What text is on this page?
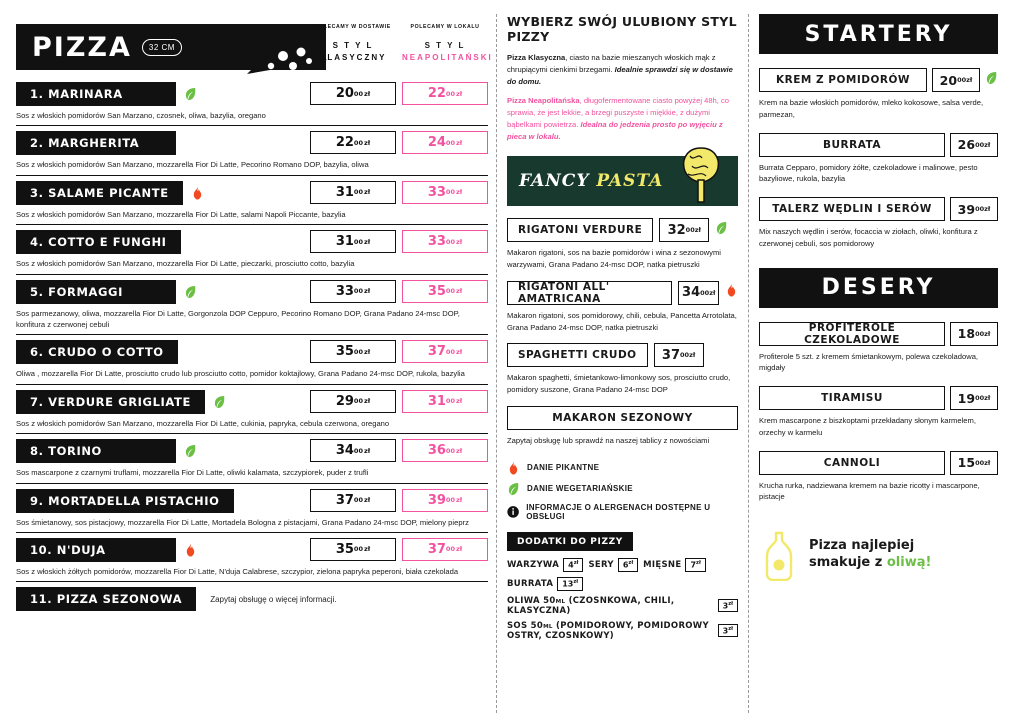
PIZZA	32 CM
POLECAMY W DOSTAWIE
S T Y L
KLASYCZNY
POLECAMY W LOKALU
S T Y L
NEAPOLITAŃSKI
1. MARINARA	20 00 zł	22 00 zł
Sos z włoskich pomidorów San Marzano, czosnek, oliwa, bazylia, oregano
2. MARGHERITA	22 00 zł	24 00 zł
Sos z włoskich pomidorów San Marzano, mozzarella Fior Di Latte, Pecorino Romano DOP, bazylia, oliwa
3. SALAME PICANTE	31 00 zł	33 00 zł
Sos z włoskich pomidorów San Marzano, mozzarella Fior Di Latte, salami Napoli Piccante, bazylia
4. COTTO E FUNGHI	31 00 zł	33 00 zł
Sos z włoskich pomidorów San Marzano, mozzarella Fior Di Latte, pieczarki, prosciutto cotto, bazylia
5. FORMAGGI	33 00 zł	35 00 zł
Sos parmezanowy, oliwa, mozzarella Fior Di Latte, Gorgonzola DOP Ceppuro, Pecorino Romano DOP, Grana Padano 24-msc DOP, konfitura z czerwonej cebuli
6. CRUDO O COTTO	35 00 zł	37 00 zł
Oliwa , mozzarella Fior Di Latte, prosciutto crudo lub prosciutto cotto, pomidor koktajlowy, Grana Padano 24-msc DOP, rukola, bazylia
7. VERDURE GRIGLIATE	29 00 zł	31 00 zł
Sos z włoskich pomidorów San Marzano, mozzarella Fior Di Latte, cukinia, papryka, cebula czerwona, oregano
8. TORINO	34 00 zł	36 00 zł
Sos mascarpone z czarnymi truflami, mozzarella Fior Di Latte, oliwki kalamata, szczypiorek, puder z trufli
9. MORTADELLA PISTACHIO	37 00 zł	39 00 zł
Sos śmietanowy, sos pistacjowy, mozzarella Fior Di Latte, Mortadela Bologna z pistacjami, Grana Padano 24-msc DOP, mielony pieprz
10. N'DUJA	35 00 zł	37 00 zł
Sos z włoskich żółtych pomidorów, mozzarella Fior Di Latte, N'duja Calabrese, szczypior, zielona papryka peperoni, biała czekolada
11. PIZZA SEZONOWA	Zapytaj obsługę o więcej informacji.
WYBIERZ SWÓJ ULUBIONY STYL PIZZY
Pizza Klasyczna, ciasto na bazie mieszanych włoskich mąk z chrupiącymi cienkimi brzegami. Idealnie sprawdzi się w dostawie do domu.
Pizza Neapolitańska, długofermentowane ciasto powyżej 48h, co sprawia, że jest lekkie, a brzegi puszyste i miękkie, z dużymi bąbelkami powietrza. Idealna do jedzenia prosto po wyjęciu z pieca w lokalu.
FANCY PASTA
RIGATONI VERDURE	32 00 zł
Makaron rigatoni, sos na bazie pomidorów i wina z sezonowymi warzywami, Grana Padano 24-msc DOP, natka pietruszki
RIGATONI ALL' AMATRICANA	34 00 zł
Makaron rigatoni, sos pomidorowy, chili, cebula, Pancetta Arrotolata, Grana Padano 24-msc DOP, natka pietruszki
SPAGHETTI CRUDO	37 00 zł
Makaron spaghetti, śmietankowo-limonkowy sos, prosciutto crudo, pomidory suszone, Grana Padano 24-msc DOP
MAKARON SEZONOWY
Zapytaj obsługę lub sprawdź na naszej tablicy z nowościami
DANIE PIKANTNE
DANIE WEGETARIAŃSKIE
INFORMACJE O ALERGENACH DOSTĘPNE U OBSŁUGI
DODATKI DO PIZZY
WARZYWA	$4^{zł}$	SERY	$6^{zł}$	MIĘSNE	$7^{zł}$
BURRATA	$13^{zł}$
OLIWA 50ML (CZOSNKOWA, CHILI, KLASYCZNA)	$3^{zł}$
SOS 50ML (POMIDOROWY, POMIDOROWY OSTRY, CZOSNKOWY)	$3^{zł}$
STARTERY
KREM Z POMIDORÓW	20 00 zł
Krem na bazie włoskich pomidorów, mleko kokosowe, salsa verde, parmezan,
BURRATA	26 00 zł
Burrata Cepparo, pomidory żółte, czekoladowe i malinowe, pesto bazyliowe, rukola, bazylia
TALERZ WĘDLIN I SERÓW	39 00 zł
Mix naszych wędlin i serów, focaccia w ziołach, oliwki, konfitura z czerwonej cebuli, sos pomidorowy
DESERY
PROFITEROLE CZEKOLADOWE	18 00 zł
Profiterole 5 szt. z kremem śmietankowym, polewa czekoladowa, migdały
TIRAMISU	19 00 zł
Krem mascarpone z biszkoptami przekładany słonym karmelem, orzechy w karmelu
CANNOLI	15 00 zł
Krucha rurka, nadziewana kremem na bazie ricotty i mascarpone, pistacje
Pizza najlepiej
smakuje z oliwą!
